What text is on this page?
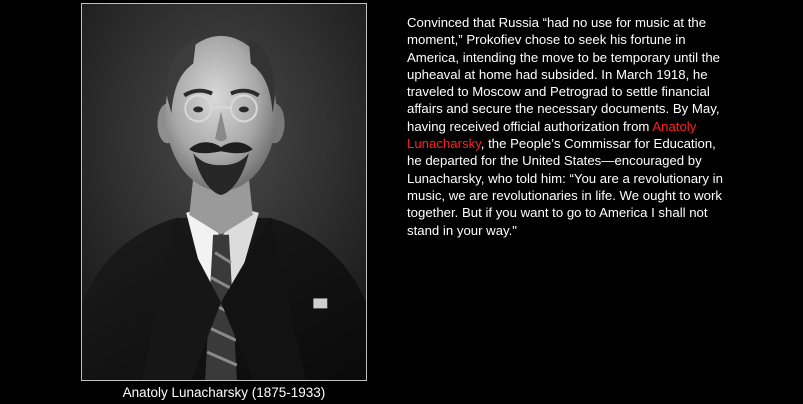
Anatoly Lunacharsky (1875-1933)
Convinced that Russia “had no use for music at the moment,” Prokofiev chose to seek his fortune in America, intending the move to be temporary until the upheaval at home had subsided. In March 1918, he traveled to Moscow and Petrograd to settle financial affairs and secure the necessary documents. By May, having received official authorization from Anatoly Lunacharsky, the People’s Commissar for Education, he departed for the United States—encouraged by Lunacharsky, who told him: “You are a revolutionary in music, we are revolutionaries in life. We ought to work together. But if you want to go to America I shall not stand in your way."
